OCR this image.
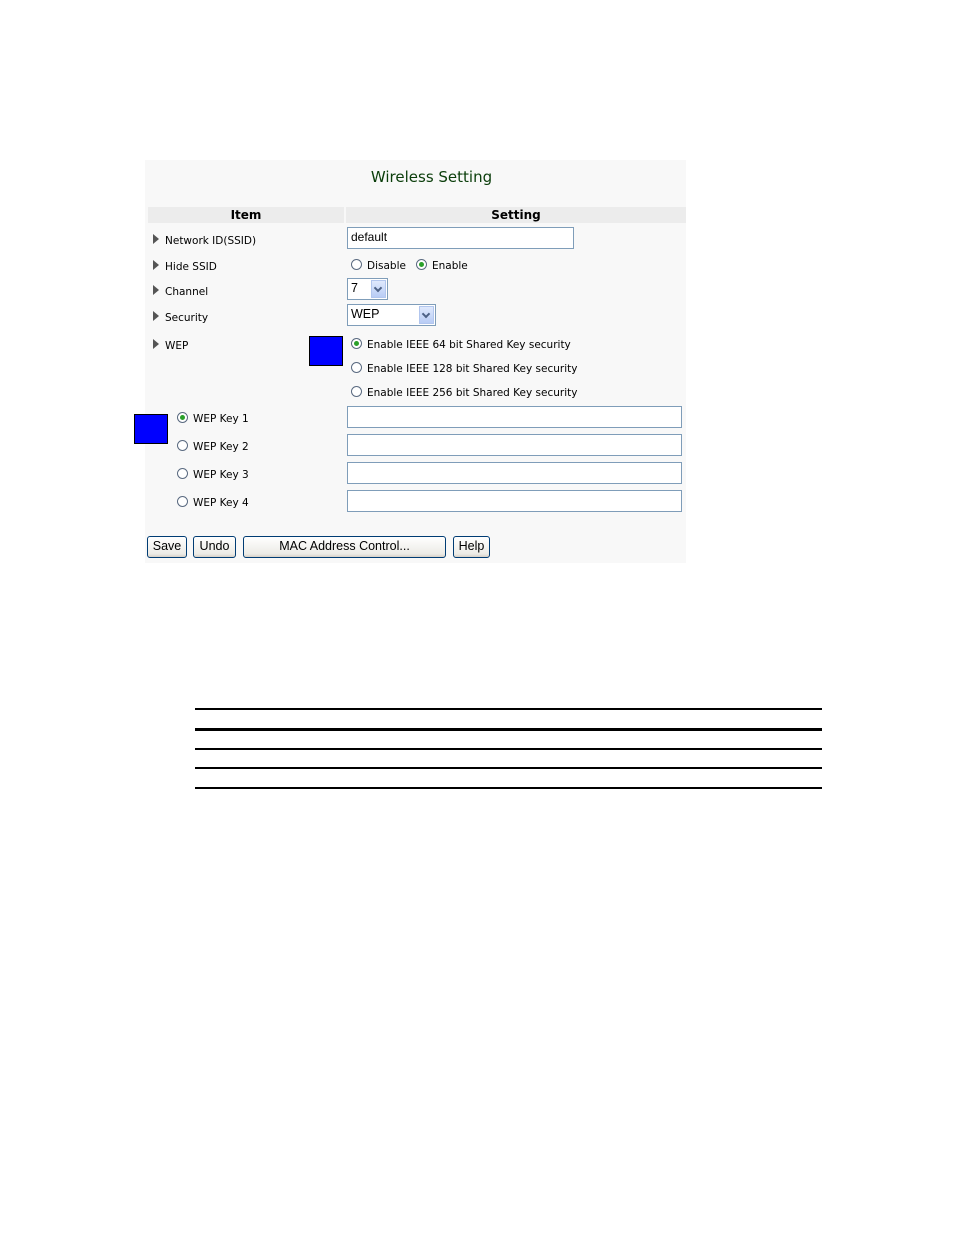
Wireless Setting
Item	Setting
Network ID(SSID)	default
Hide SSID	Disable Enable
Channel	7
Security	WEP
WEP	Enable IEEE 64 bit Shared Key security
Enable IEEE 128 bit Shared Key security
Enable IEEE 256 bit Shared Key security
WEP Key 1
WEP Key 2
WEP Key 3
WEP Key 4
Save	Undo	MAC Address Control...	Help
